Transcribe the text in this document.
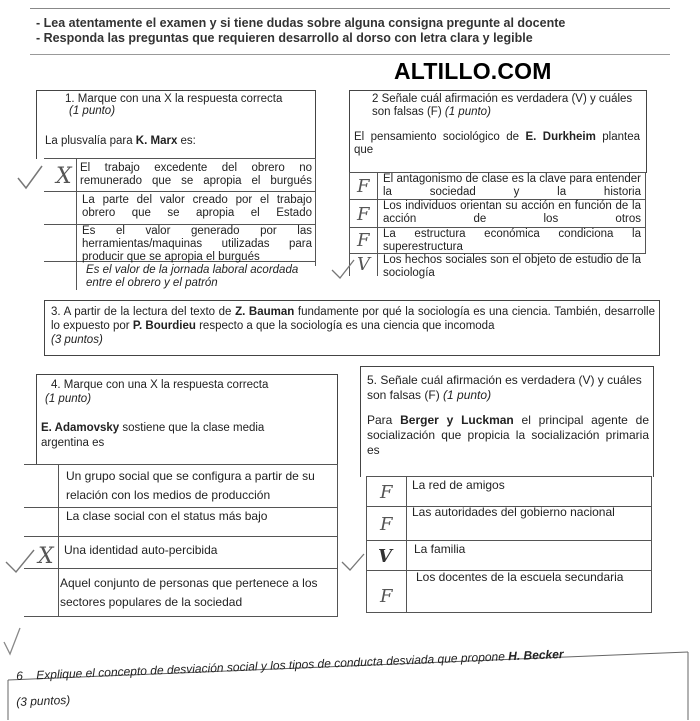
- Lea atentamente el examen y si tiene dudas sobre alguna consigna pregunte al docente
- Responda las preguntas que requieren desarrollo al dorso con letra clara y legible
ALTILLO.COM
1. Marque con una X la respuesta correcta
(1 punto)
La plusvalía para K. Marx es:
El trabajo excedente del obrero no remunerado que se apropia el burgués
La parte del valor creado por el trabajo obrero que se apropia el Estado
Es el valor generado por las herramientas/maquinas utilizadas para producir que se apropia el burgués
Es el valor de la jornada laboral acordada entre el obrero y el patrón
X
2 Señale cuál afirmación es verdadera (V) y cuáles son falsas (F) (1 punto)
El pensamiento sociológico de E. Durkheim plantea que
El antagonismo de clase es la clave para entender la sociedad y la historia
Los individuos orientan su acción en función de la acción de los otros
La estructura económica condiciona la superestructura
Los hechos sociales son el objeto de estudio de la sociología
F
F
F
V
3. A partir de la lectura del texto de Z. Bauman fundamente por qué la sociología es una ciencia. También, desarrolle lo expuesto por P. Bourdieu respecto a que la sociología es una ciencia que incomoda
(3 puntos)
4. Marque con una X la respuesta correcta
(1 punto)
E. Adamovsky sostiene que la clase media argentina es
Un grupo social que se configura a partir de su relación con los medios de producción
La clase social con el status más bajo
Una identidad auto-percibida
Aquel conjunto de personas que pertenece a los sectores populares de la sociedad
X
5. Señale cuál afirmación es verdadera (V) y cuáles son falsas (F) (1 punto)
Para Berger y Luckman el principal agente de socialización que propicia la socialización primaria es
La red de amigos
Las autoridades del gobierno nacional
La familia
Los docentes de la escuela secundaria
F
F
V
F
6 Explique el concepto de desviación social y los tipos de conducta desviada que propone H. Becker
(3 puntos)
